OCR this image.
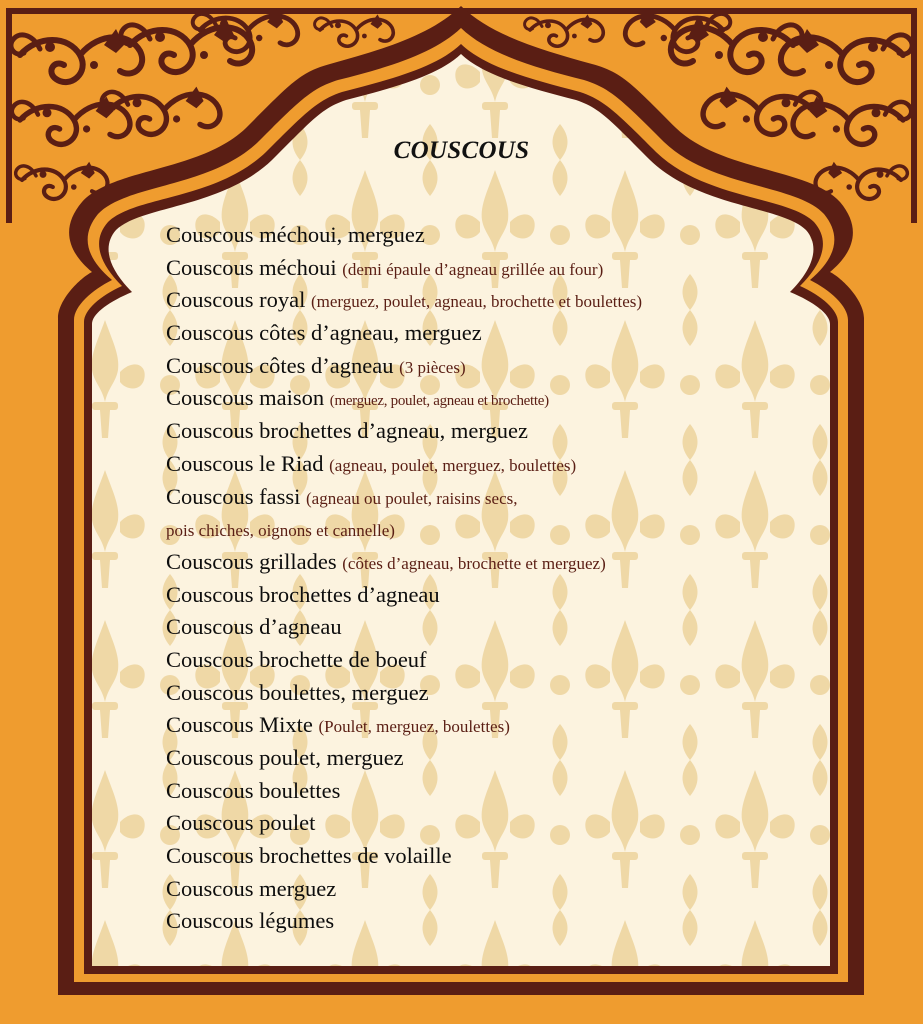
COUSCOUS
Couscous méchoui, merguez
Couscous méchoui (demi épaule d’agneau grillée au four)
Couscous royal (merguez, poulet, agneau, brochette et boulettes)
Couscous côtes d’agneau, merguez
Couscous côtes d’agneau (3 pièces)
Couscous maison (merguez, poulet, agneau et brochette)
Couscous brochettes d’agneau, merguez
Couscous le Riad (agneau, poulet, merguez, boulettes)
Couscous fassi (agneau ou poulet, raisins secs,
pois chiches, oignons et cannelle)
Couscous grillades (côtes d’agneau, brochette et merguez)
Couscous brochettes d’agneau
Couscous d’agneau
Couscous brochette de boeuf
Couscous boulettes, merguez
Couscous Mixte (Poulet, merguez, boulettes)
Couscous poulet, merguez
Couscous boulettes
Couscous poulet
Couscous brochettes de volaille
Couscous merguez
Couscous légumes
